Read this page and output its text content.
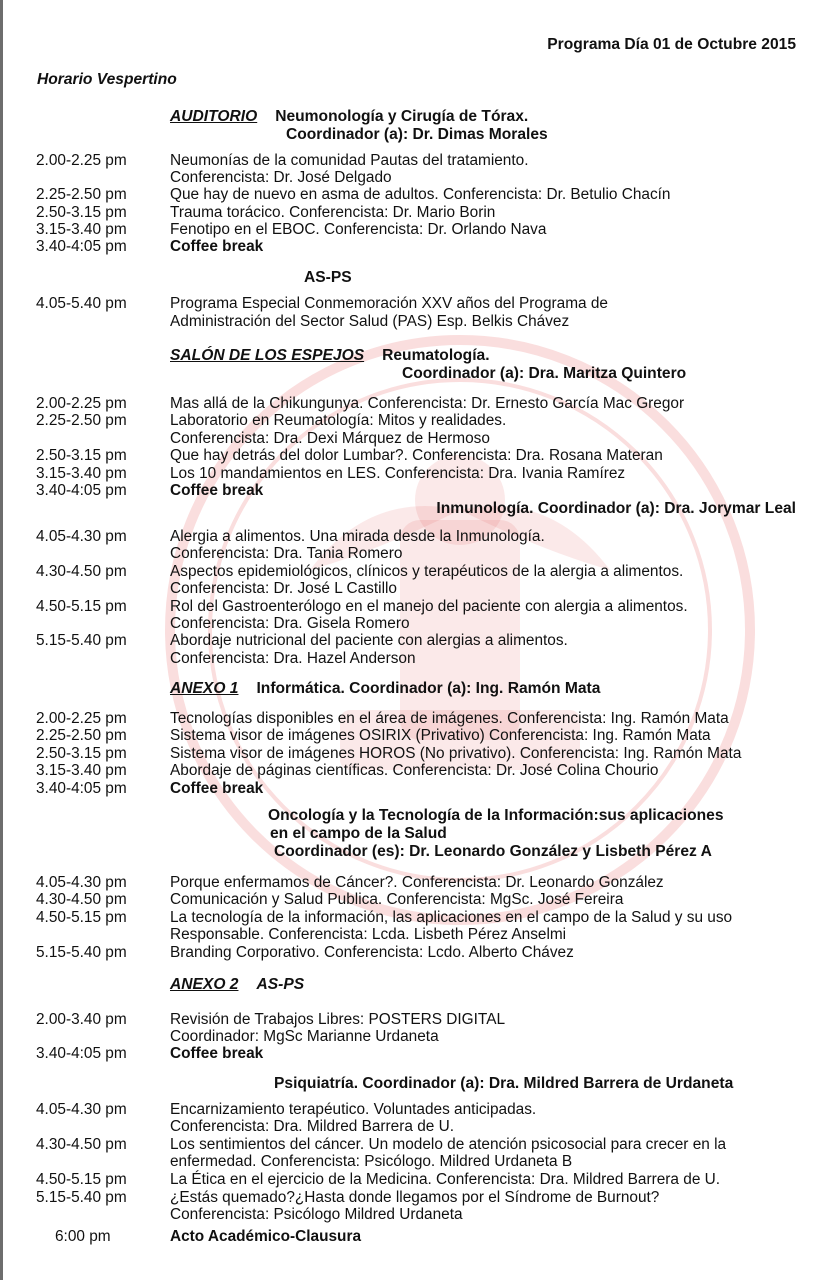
Programa Día 01 de Octubre 2015
Horario Vespertino
AUDITORIO Neumonología y Cirugía de Tórax.
Coordinador (a): Dr. Dimas Morales
2.00-2.25 pm	Neumonías de la comunidad Pautas del tratamiento.
Conferencista: Dr. José Delgado
2.25-2.50 pm	Que hay de nuevo en asma de adultos. Conferencista: Dr. Betulio Chacín
2.50-3.15 pm	Trauma torácico. Conferencista: Dr. Mario Borin
3.15-3.40 pm	Fenotipo en el EBOC. Conferencista: Dr. Orlando Nava
3.40-4:05 pm	Coffee break
AS-PS
4.05-5.40 pm	Programa Especial Conmemoración XXV años del Programa de
Administración del Sector Salud (PAS) Esp. Belkis Chávez
SALÓN DE LOS ESPEJOS Reumatología.
Coordinador (a): Dra. Maritza Quintero
2.00-2.25 pm	Mas allá de la Chikungunya. Conferencista: Dr. Ernesto García Mac Gregor
2.25-2.50 pm	Laboratorio en Reumatología: Mitos y realidades.
Conferencista: Dra. Dexi Márquez de Hermoso
2.50-3.15 pm	Que hay detrás del dolor Lumbar?. Conferencista: Dra. Rosana Materan
3.15-3.40 pm	Los 10 mandamientos en LES. Conferencista: Dra. Ivania Ramírez
3.40-4:05 pm	Coffee break
Inmunología. Coordinador (a): Dra. Jorymar Leal
4.05-4.30 pm	Alergia a alimentos. Una mirada desde la Inmunología.
Conferencista: Dra. Tania Romero
4.30-4.50 pm	Aspectos epidemiológicos, clínicos y terapéuticos de la alergia a alimentos.
Conferencista: Dr. José L Castillo
4.50-5.15 pm	Rol del Gastroenterólogo en el manejo del paciente con alergia a alimentos.
Conferencista: Dra. Gisela Romero
5.15-5.40 pm	Abordaje nutricional del paciente con alergias a alimentos.
Conferencista: Dra. Hazel Anderson
ANEXO 1 Informática. Coordinador (a): Ing. Ramón Mata
2.00-2.25 pm	Tecnologías disponibles en el área de imágenes. Conferencista: Ing. Ramón Mata
2.25-2.50 pm	Sistema visor de imágenes OSIRIX (Privativo) Conferencista: Ing. Ramón Mata
2.50-3.15 pm	Sistema visor de imágenes HOROS (No privativo). Conferencista: Ing. Ramón Mata
3.15-3.40 pm	Abordaje de páginas científicas. Conferencista: Dr. José Colina Chourio
3.40-4:05 pm	Coffee break
Oncología y la Tecnología de la Información:sus aplicaciones
en el campo de la Salud
Coordinador (es): Dr. Leonardo González y Lisbeth Pérez A
4.05-4.30 pm	Porque enfermamos de Cáncer?. Conferencista: Dr. Leonardo González
4.30-4.50 pm	Comunicación y Salud Publica. Conferencista: MgSc. José Fereira
4.50-5.15 pm	La tecnología de la información, las aplicaciones en el campo de la Salud y su uso
Responsable. Conferencista: Lcda. Lisbeth Pérez Anselmi
5.15-5.40 pm	Branding Corporativo. Conferencista: Lcdo. Alberto Chávez
ANEXO 2 AS-PS
2.00-3.40 pm	Revisión de Trabajos Libres: POSTERS DIGITAL
Coordinador: MgSc Marianne Urdaneta
3.40-4:05 pm	Coffee break
Psiquiatría. Coordinador (a): Dra. Mildred Barrera de Urdaneta
4.05-4.30 pm	Encarnizamiento terapéutico. Voluntades anticipadas.
Conferencista: Dra. Mildred Barrera de U.
4.30-4.50 pm	Los sentimientos del cáncer. Un modelo de atención psicosocial para crecer en la
enfermedad. Conferencista: Psicólogo. Mildred Urdaneta B
4.50-5.15 pm	La Ética en el ejercicio de la Medicina. Conferencista: Dra. Mildred Barrera de U.
5.15-5.40 pm	¿Estás quemado?¿Hasta donde llegamos por el Síndrome de Burnout?
Conferencista: Psicólogo Mildred Urdaneta
6:00 pm	Acto Académico-Clausura
